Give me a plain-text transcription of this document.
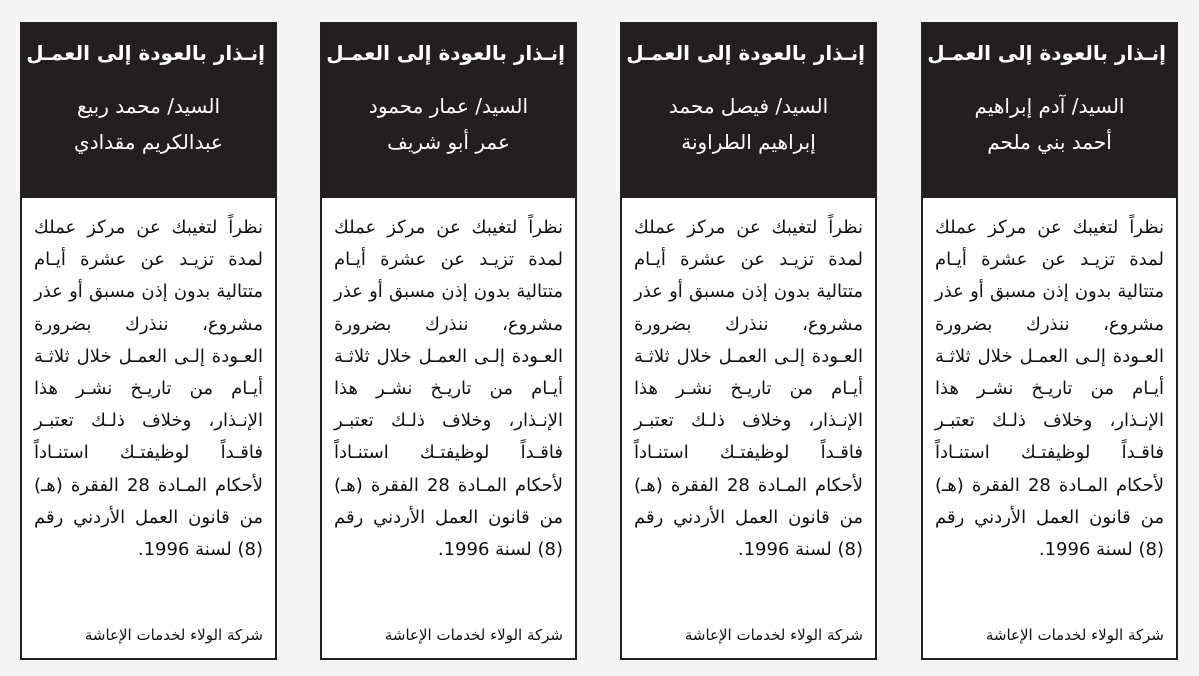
إنـذار بالعودة إلى العمـل
السيد/ آدم إبراهيم
أحمد بني ملحم
نظراً لتغيبك عن مركز عملك لمدة تزيـد عن عشرة أيـام متتالية بدون إذن مسبق أو عذر مشروع، ننذرك بضرورة العـودة إلـى العمـل خلال ثلاثـة أيـام من تاريـخ نشـر هذا الإنـذار، وخلاف ذلـك تعتبـر فاقـداً لوظيفتـك استنـاداً لأحكام المـادة 28 الفقرة (هـ) من قانون العمل الأردني رقم (8) لسنة 1996.
شركة الولاء لخدمات الإعاشة
إنـذار بالعودة إلى العمـل
السيد/ فيصل محمد
إبراهيم الطراونة
نظراً لتغيبك عن مركز عملك لمدة تزيـد عن عشرة أيـام متتالية بدون إذن مسبق أو عذر مشروع، ننذرك بضرورة العـودة إلـى العمـل خلال ثلاثـة أيـام من تاريـخ نشـر هذا الإنـذار، وخلاف ذلـك تعتبـر فاقـداً لوظيفتـك استنـاداً لأحكام المـادة 28 الفقرة (هـ) من قانون العمل الأردني رقم (8) لسنة 1996.
شركة الولاء لخدمات الإعاشة
إنـذار بالعودة إلى العمـل
السيد/ عمار محمود
عمر أبو شريف
نظراً لتغيبك عن مركز عملك لمدة تزيـد عن عشرة أيـام متتالية بدون إذن مسبق أو عذر مشروع، ننذرك بضرورة العـودة إلـى العمـل خلال ثلاثـة أيـام من تاريـخ نشـر هذا الإنـذار، وخلاف ذلـك تعتبـر فاقـداً لوظيفتـك استنـاداً لأحكام المـادة 28 الفقرة (هـ) من قانون العمل الأردني رقم (8) لسنة 1996.
شركة الولاء لخدمات الإعاشة
إنـذار بالعودة إلى العمـل
السيد/ محمد ربيع
عبدالكريم مقدادي
نظراً لتغيبك عن مركز عملك لمدة تزيـد عن عشرة أيـام متتالية بدون إذن مسبق أو عذر مشروع، ننذرك بضرورة العـودة إلـى العمـل خلال ثلاثـة أيـام من تاريـخ نشـر هذا الإنـذار، وخلاف ذلـك تعتبـر فاقـداً لوظيفتـك استنـاداً لأحكام المـادة 28 الفقرة (هـ) من قانون العمل الأردني رقم (8) لسنة 1996.
شركة الولاء لخدمات الإعاشة
